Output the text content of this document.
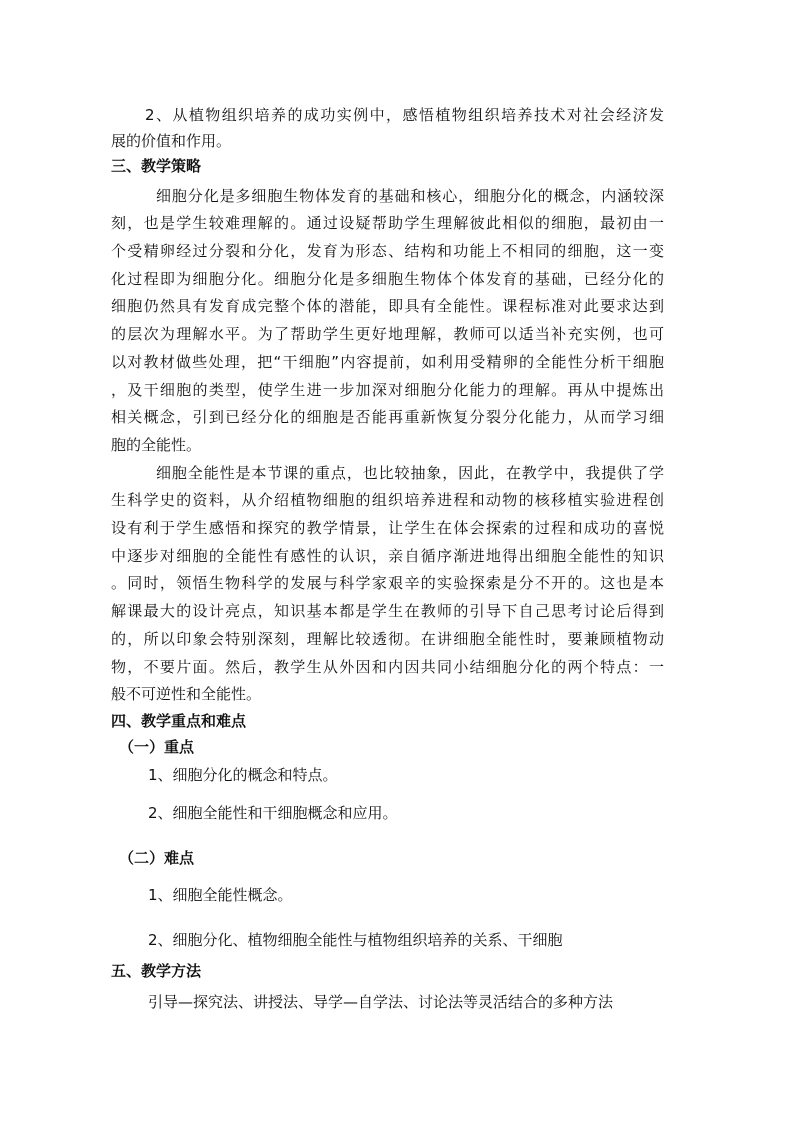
2、从植物组织培养的成功实例中，感悟植物组织培养技术对社会经济发
展的价值和作用。
三、教学策略
细胞分化是多细胞生物体发育的基础和核心，细胞分化的概念，内涵较深
刻，也是学生较难理解的。通过设疑帮助学生理解彼此相似的细胞，最初由一
个受精卵经过分裂和分化，发育为形态、结构和功能上不相同的细胞，这一变
化过程即为细胞分化。细胞分化是多细胞生物体个体发育的基础，已经分化的
细胞仍然具有发育成完整个体的潜能，即具有全能性。课程标准对此要求达到
的层次为理解水平。为了帮助学生更好地理解，教师可以适当补充实例，也可
以对教材做些处理，把“干细胞”内容提前，如利用受精卵的全能性分析干细胞
，及干细胞的类型，使学生进一步加深对细胞分化能力的理解。再从中提炼出
相关概念，引到已经分化的细胞是否能再重新恢复分裂分化能力，从而学习细
胞的全能性。
细胞全能性是本节课的重点，也比较抽象，因此，在教学中，我提供了学
生科学史的资料，从介绍植物细胞的组织培养进程和动物的核移植实验进程创
设有利于学生感悟和探究的教学情景，让学生在体会探索的过程和成功的喜悦
中逐步对细胞的全能性有感性的认识，亲自循序渐进地得出细胞全能性的知识
。同时，领悟生物科学的发展与科学家艰辛的实验探索是分不开的。这也是本
解课最大的设计亮点，知识基本都是学生在教师的引导下自己思考讨论后得到
的，所以印象会特别深刻，理解比较透彻。在讲细胞全能性时，要兼顾植物动
物，不要片面。然后，教学生从外因和内因共同小结细胞分化的两个特点：一
般不可逆性和全能性。
四、教学重点和难点
（一）重点
1、细胞分化的概念和特点。
2、细胞全能性和干细胞概念和应用。
（二）难点
1、细胞全能性概念。
2、细胞分化、植物细胞全能性与植物组织培养的关系、干细胞
五、教学方法
引导—探究法、讲授法、导学—自学法、讨论法等灵活结合的多种方法
